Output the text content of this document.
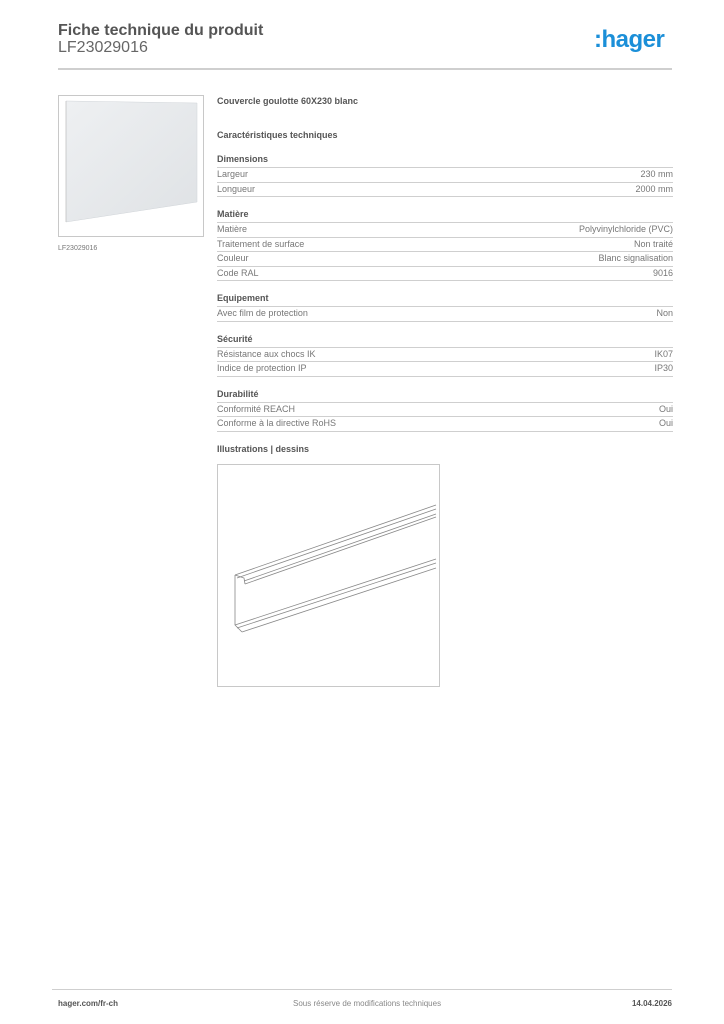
Fiche technique du produit
LF23029016	:hager
LF23029016
Couvercle goulotte 60X230 blanc
Caractéristiques techniques
Dimensions
Largeur	230 mm
Longueur	2000 mm
Matière
Matière	Polyvinylchloride (PVC)
Traitement de surface	Non traité
Couleur	Blanc signalisation
Code RAL	9016
Equipement
Avec film de protection	Non
Sécurité
Résistance aux chocs IK	IK07
Indice de protection IP	IP30
Durabilité
Conformité REACH	Oui
Conforme à la directive RoHS	Oui
Illustrations | dessins
hager.com/fr-ch	Sous réserve de modifications techniques	14.04.2026
